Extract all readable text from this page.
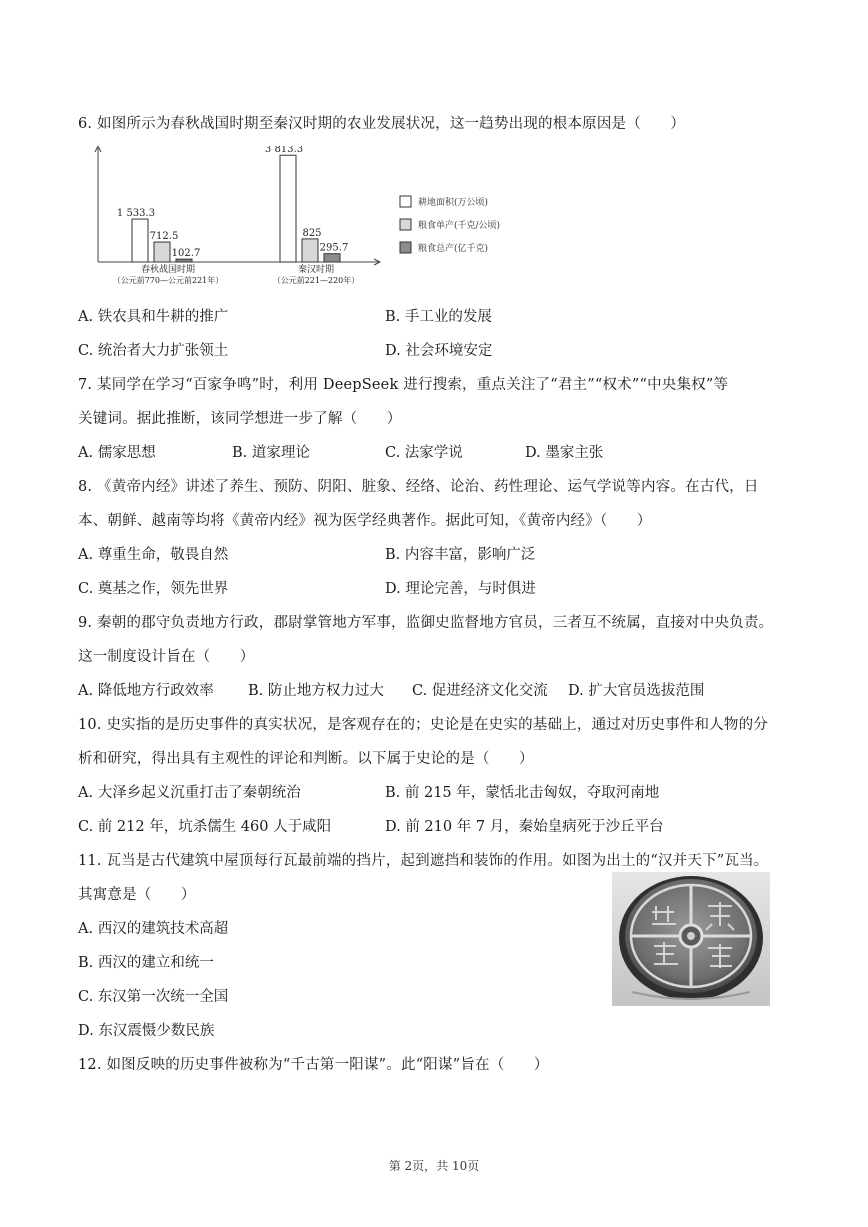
6. 如图所示为春秋战国时期至秦汉时期的农业发展状况，这一趋势出现的根本原因是（　　）
1 533.3
712.5
102.7
春秋战国时期
（公元前770—公元前221年）
3 813.3
825
295.7
秦汉时期
（公元前221—220年）
耕地面积(万公顷)
粮食单产(千克/公顷)
粮食总产(亿千克)
A. 铁农具和牛耕的推广	B. 手工业的发展
C. 统治者大力扩张领土	D. 社会环境安定
7. 某同学在学习“百家争鸣”时，利用 DeepSeek 进行搜索，重点关注了“君主”“权术”“中央集权”等
关键词。据此推断，该同学想进一步了解（　　）
A. 儒家思想	B. 道家理论	C. 法家学说	D. 墨家主张
8. 《黄帝内经》讲述了养生、预防、阴阳、脏象、经络、论治、药性理论、运气学说等内容。在古代，日
本、朝鲜、越南等均将《黄帝内经》视为医学经典著作。据此可知，《黄帝内经》（　　）
A. 尊重生命，敬畏自然	B. 内容丰富，影响广泛
C. 奠基之作，领先世界	D. 理论完善，与时俱进
9. 秦朝的郡守负责地方行政，郡尉掌管地方军事，监御史监督地方官员，三者互不统属，直接对中央负责。
这一制度设计旨在（　　）
A. 降低地方行政效率 B. 防止地方权力过大 C. 促进经济文化交流 D. 扩大官员选拔范围
10. 史实指的是历史事件的真实状况，是客观存在的；史论是在史实的基础上，通过对历史事件和人物的分
析和研究，得出具有主观性的评论和判断。以下属于史论的是（　　）
A. 大泽乡起义沉重打击了秦朝统治	B. 前 215 年，蒙恬北击匈奴，夺取河南地
C. 前 212 年，坑杀儒生 460 人于咸阳	D. 前 210 年 7 月，秦始皇病死于沙丘平台
11. 瓦当是古代建筑中屋顶每行瓦最前端的挡片，起到遮挡和装饰的作用。如图为出土的“汉并天下”瓦当。
其寓意是（　　）
A. 西汉的建筑技术高超
B. 西汉的建立和统一
C. 东汉第一次统一全国
D. 东汉震慑少数民族
12. 如图反映的历史事件被称为“千古第一阳谋”。此“阳谋”旨在（　　）
第 2页，共 10页
